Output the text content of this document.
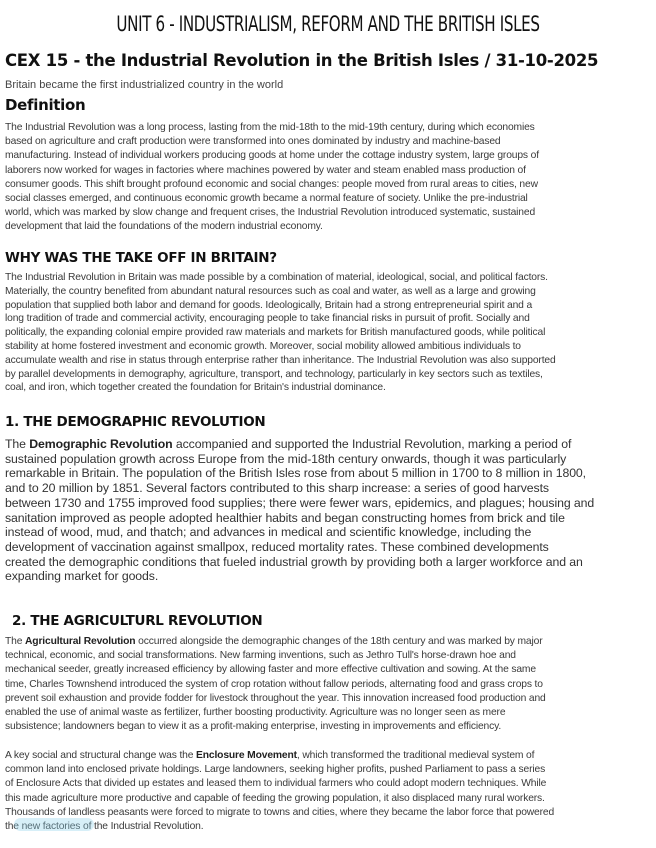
UNIT 6 - INDUSTRIALISM, REFORM AND THE BRITISH ISLES
CEX 15 - the Industrial Revolution in the British Isles / 31-10-2025
Britain became the first industrialized country in the world
Definition
The Industrial Revolution was a long process, lasting from the mid-18th to the mid-19th century, during which economies
based on agriculture and craft production were transformed into ones dominated by industry and machine-based
manufacturing. Instead of individual workers producing goods at home under the cottage industry system, large groups of
laborers now worked for wages in factories where machines powered by water and steam enabled mass production of
consumer goods. This shift brought profound economic and social changes: people moved from rural areas to cities, new
social classes emerged, and continuous economic growth became a normal feature of society. Unlike the pre-industrial
world, which was marked by slow change and frequent crises, the Industrial Revolution introduced systematic, sustained
development that laid the foundations of the modern industrial economy.
WHY WAS THE TAKE OFF IN BRITAIN?
The Industrial Revolution in Britain was made possible by a combination of material, ideological, social, and political factors.
Materially, the country benefited from abundant natural resources such as coal and water, as well as a large and growing
population that supplied both labor and demand for goods. Ideologically, Britain had a strong entrepreneurial spirit and a
long tradition of trade and commercial activity, encouraging people to take financial risks in pursuit of profit. Socially and
politically, the expanding colonial empire provided raw materials and markets for British manufactured goods, while political
stability at home fostered investment and economic growth. Moreover, social mobility allowed ambitious individuals to
accumulate wealth and rise in status through enterprise rather than inheritance. The Industrial Revolution was also supported
by parallel developments in demography, agriculture, transport, and technology, particularly in key sectors such as textiles,
coal, and iron, which together created the foundation for Britain's industrial dominance.
1. THE DEMOGRAPHIC REVOLUTION
The Demographic Revolution accompanied and supported the Industrial Revolution, marking a period of
sustained population growth across Europe from the mid-18th century onwards, though it was particularly
remarkable in Britain. The population of the British Isles rose from about 5 million in 1700 to 8 million in 1800,
and to 20 million by 1851. Several factors contributed to this sharp increase: a series of good harvests
between 1730 and 1755 improved food supplies; there were fewer wars, epidemics, and plagues; housing and
sanitation improved as people adopted healthier habits and began constructing homes from brick and tile
instead of wood, mud, and thatch; and advances in medical and scientific knowledge, including the
development of vaccination against smallpox, reduced mortality rates. These combined developments
created the demographic conditions that fueled industrial growth by providing both a larger workforce and an
expanding market for goods.
2. THE AGRICULTURL REVOLUTION
The Agricultural Revolution occurred alongside the demographic changes of the 18th century and was marked by major
technical, economic, and social transformations. New farming inventions, such as Jethro Tull's horse-drawn hoe and
mechanical seeder, greatly increased efficiency by allowing faster and more effective cultivation and sowing. At the same
time, Charles Townshend introduced the system of crop rotation without fallow periods, alternating food and grass crops to
prevent soil exhaustion and provide fodder for livestock throughout the year. This innovation increased food production and
enabled the use of animal waste as fertilizer, further boosting productivity. Agriculture was no longer seen as mere
subsistence; landowners began to view it as a profit-making enterprise, investing in improvements and efficiency.
A key social and structural change was the Enclosure Movement, which transformed the traditional medieval system of
common land into enclosed private holdings. Large landowners, seeking higher profits, pushed Parliament to pass a series
of Enclosure Acts that divided up estates and leased them to individual farmers who could adopt modern techniques. While
this made agriculture more productive and capable of feeding the growing population, it also displaced many rural workers.
Thousands of landless peasants were forced to migrate to towns and cities, where they became the labor force that powered
the new factories of the Industrial Revolution.
